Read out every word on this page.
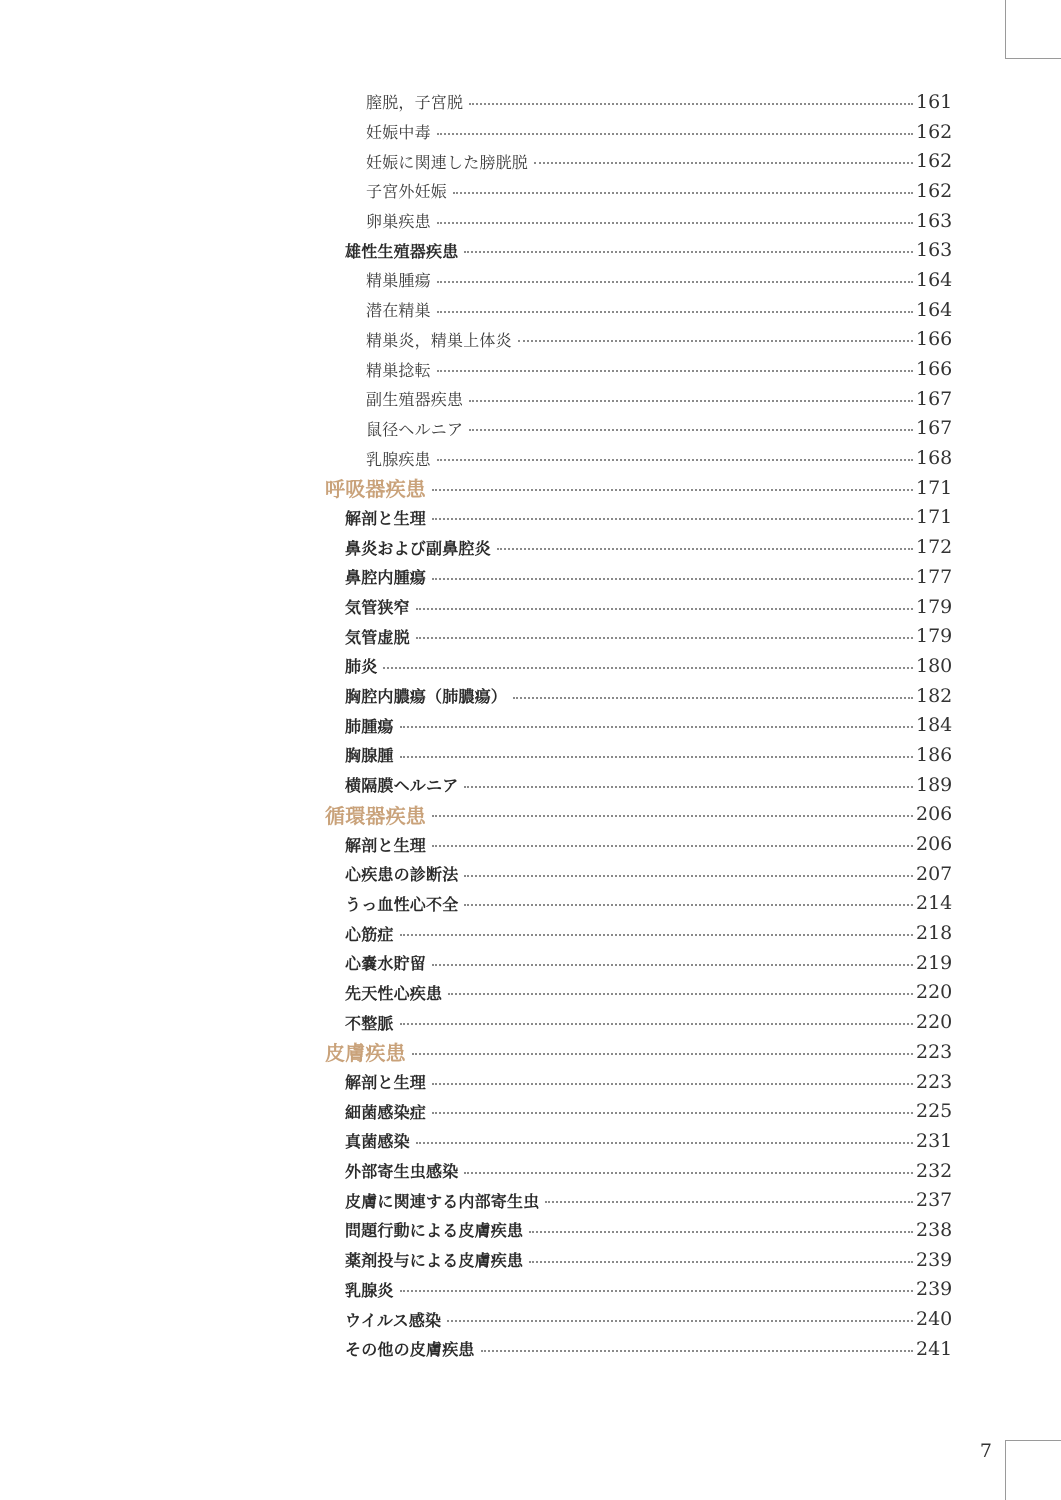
膣脱，子宮脱	161
妊娠中毒	162
妊娠に関連した膀胱脱	162
子宮外妊娠	162
卵巣疾患	163
雄性生殖器疾患	163
精巣腫瘍	164
潜在精巣	164
精巣炎，精巣上体炎	166
精巣捻転	166
副生殖器疾患	167
鼠径ヘルニア	167
乳腺疾患	168
呼吸器疾患	171
解剖と生理	171
鼻炎および副鼻腔炎	172
鼻腔内腫瘍	177
気管狭窄	179
気管虚脱	179
肺炎	180
胸腔内膿瘍（肺膿瘍）	182
肺腫瘍	184
胸腺腫	186
横隔膜ヘルニア	189
循環器疾患	206
解剖と生理	206
心疾患の診断法	207
うっ血性心不全	214
心筋症	218
心嚢水貯留	219
先天性心疾患	220
不整脈	220
皮膚疾患	223
解剖と生理	223
細菌感染症	225
真菌感染	231
外部寄生虫感染	232
皮膚に関連する内部寄生虫	237
問題行動による皮膚疾患	238
薬剤投与による皮膚疾患	239
乳腺炎	239
ウイルス感染	240
その他の皮膚疾患	241
7
